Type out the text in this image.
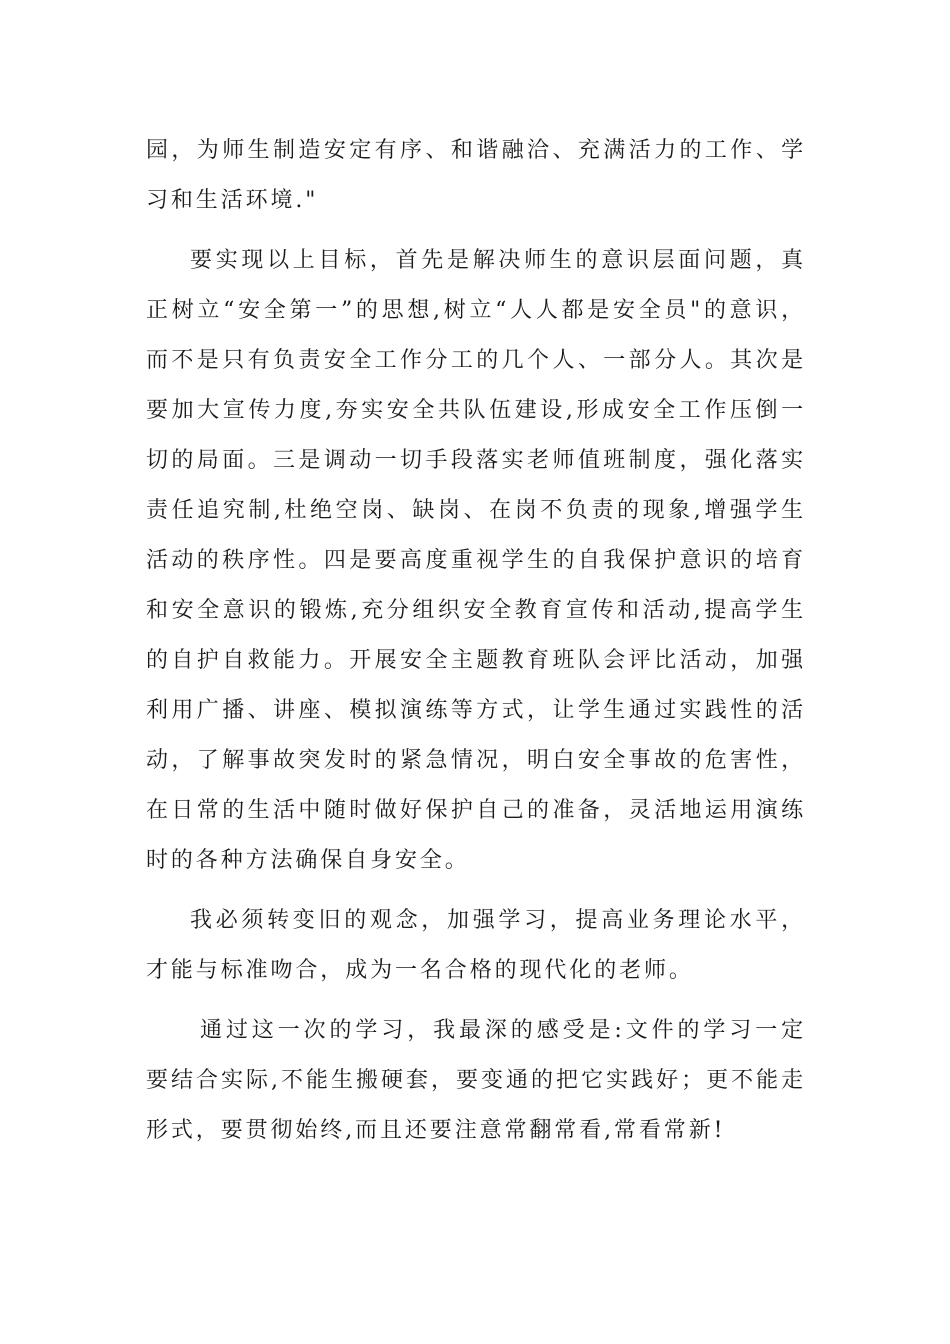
园，为师生制造安定有序、和谐融洽、充满活力的工作、学习和生活环境."

要实现以上目标，首先是解决师生的意识层面问题，真正树立“安全第一”的思想,树立“人人都是安全员"的意识，而不是只有负责安全工作分工的几个人、一部分人。其次是要加大宣传力度,夯实安全共队伍建设,形成安全工作压倒一切的局面。三是调动一切手段落实老师值班制度，强化落实责任追究制,杜绝空岗、缺岗、在岗不负责的现象,增强学生活动的秩序性。四是要高度重视学生的自我保护意识的培育和安全意识的锻炼,充分组织安全教育宣传和活动,提高学生的自护自救能力。开展安全主题教育班队会评比活动，加强利用广播、讲座、模拟演练等方式，让学生通过实践性的活动，了解事故突发时的紧急情况，明白安全事故的危害性，在日常的生活中随时做好保护自己的准备，灵活地运用演练时的各种方法确保自身安全。

我必须转变旧的观念，加强学习，提高业务理论水平，才能与标准吻合，成为一名合格的现代化的老师。

通过这一次的学习，我最深的感受是:文件的学习一定要结合实际,不能生搬硬套，要变通的把它实践好；更不能走形式，要贯彻始终,而且还要注意常翻常看,常看常新!
